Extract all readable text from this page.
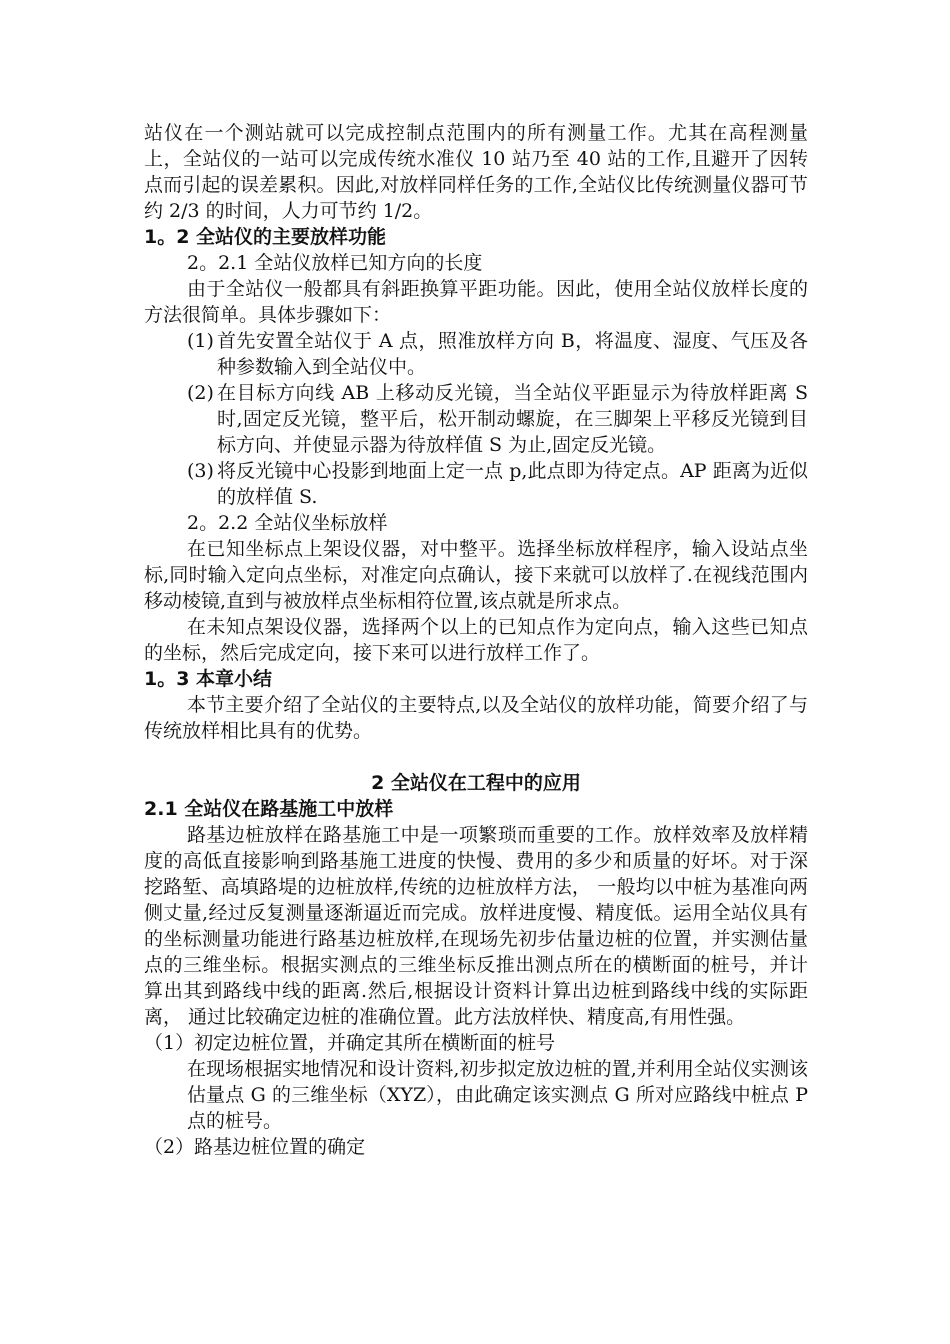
站仪在一个测站就可以完成控制点范围内的所有测量工作。尤其在高程测量上，全站仪的一站可以完成传统水准仪 10 站乃至 40 站的工作,且避开了因转点而引起的误差累积。因此,对放样同样任务的工作,全站仪比传统测量仪器可节约 2/3 的时间，人力可节约 1/2。

1。2 全站仪的主要放样功能

2。2.1 全站仪放样已知方向的长度

由于全站仪一般都具有斜距换算平距功能。因此，使用全站仪放样长度的方法很简单。具体步骤如下：

(1) 首先安置全站仪于 A 点，照准放样方向 B，将温度、湿度、气压及各种参数输入到全站仪中。
(2) 在目标方向线 AB 上移动反光镜，当全站仪平距显示为待放样距离 S 时,固定反光镜，整平后，松开制动螺旋，在三脚架上平移反光镜到目标方向、并使显示器为待放样值 S 为止,固定反光镜。
(3) 将反光镜中心投影到地面上定一点 p,此点即为待定点。AP 距离为近似的放样值 S.

2。2.2 全站仪坐标放样

在已知坐标点上架设仪器，对中整平。选择坐标放样程序，输入设站点坐标,同时输入定向点坐标，对准定向点确认，接下来就可以放样了.在视线范围内移动棱镜,直到与被放样点坐标相符位置,该点就是所求点。

在未知点架设仪器，选择两个以上的已知点作为定向点，输入这些已知点的坐标，然后完成定向，接下来可以进行放样工作了。

1。3 本章小结

本节主要介绍了全站仪的主要特点,以及全站仪的放样功能，简要介绍了与传统放样相比具有的优势。

2 全站仪在工程中的应用

2.1 全站仪在路基施工中放样

路基边桩放样在路基施工中是一项繁琐而重要的工作。放样效率及放样精度的高低直接影响到路基施工进度的快慢、费用的多少和质量的好坏。对于深挖路堑、高填路堤的边桩放样,传统的边桩放样方法， 一般均以中桩为基准向两侧丈量,经过反复测量逐渐逼近而完成。放样进度慢、精度低。运用全站仪具有的坐标测量功能进行路基边桩放样,在现场先初步估量边桩的位置，并实测估量点的三维坐标。根据实测点的三维坐标反推出测点所在的横断面的桩号，并计算出其到路线中线的距离.然后,根据设计资料计算出边桩到路线中线的实际距离， 通过比较确定边桩的准确位置。此方法放样快、精度高,有用性强。

（1）初定边桩位置，并确定其所在横断面的桩号

在现场根据实地情况和设计资料,初步拟定放边桩的置,并利用全站仪实测该估量点 G 的三维坐标（XYZ），由此确定该实测点 G 所对应路线中桩点 P 点的桩号。

（2）路基边桩位置的确定
